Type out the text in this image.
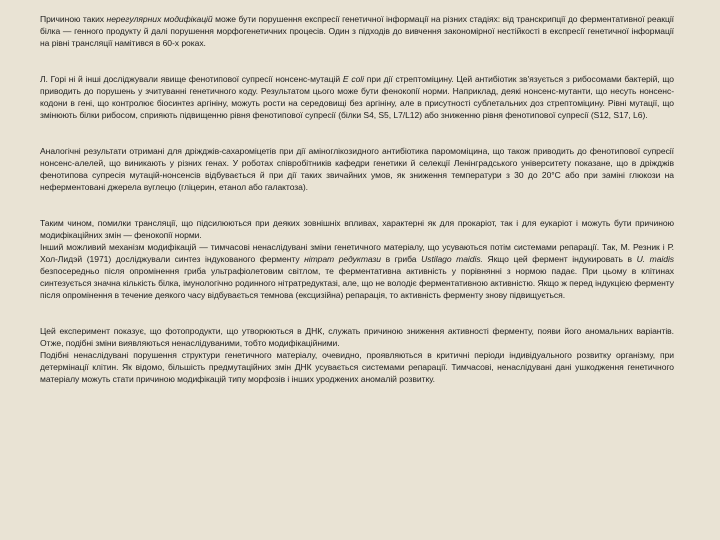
Причиною таких нерегулярних модифікацій може бути порушення експресії генетичної інформації на різних стадіях: від транскрипції до ферментативної реакції білка — генного продукту й далі порушення морфогенетичних процесів. Один з підходів до вивчення закономірної нестійкості в експресії генетичної інформації на рівні трансляції намітився в 60-х роках.

Л. Горі ні й інші досліджували явище фенотипової супресії нонсенс-мутацій Е coli при дії стрептоміцину. Цей антибіотик зв'язується з рибосомами бактерій, що приводить до порушень у зчитуванні генетичного коду. Результатом цього може бути фенокопії норми. Наприклад, деякі нонсенс-мутанти, що несуть нонсенс-кодони в гені, що контролює біосинтез аргініну, можуть рости на середовищі без аргініну, але в присутності сублетальних доз стрептоміцину. Рівні мутації, що змінюють білки рибосом, сприяють підвищенню рівня фенотипової супресії (білки S4, S5, L7/L12) або зниженню рівня фенотипової супресії (S12, S17, L6).

Аналогічні результати отримані для дріжджів-сахароміцетів при дії аміноглікозидного антибіотика паромоміцина, що також приводить до фенотипової супресії нонсенс-алелей, що виникають у різних генах. У роботах співробітників кафедри генетики й селекції Ленінградського університету показане, що в дріжджів фенотипова супресія мутацій-нонсенсів відбувається й при дії таких звичайних умов, як зниження температури з 30 до 20°С або при заміні глюкози на неферментовані джерела вуглецю (гліцерин, етанол або галактоза).

Таким чином, помилки трансляції, що підсилюються при деяких зовнішніх впливах, характерні як для прокаріот, так і для еукаріот і можуть бути причиною модифікаційних змін — фенокопії норми.

Інший можливий механізм модифікацій — тимчасові ненаслідувані зміни генетичного матеріалу, що усуваються потім системами репарації. Так, М. Резник і Р. Хол-Лидэй (1971) досліджували синтез індукованого ферменту нітрат редуктази в гриба Ustilago maidis. Якщо цей фермент індукировать в U. maidis безпосередньо після опромінення гриба ультрафіолетовим світлом, те ферментативна активність у порівнянні з нормою падає. При цьому в клітинах синтезується значна кількість білка, імунологічно родинного нітратредуктазі, але, що не володіє ферментативною активністю. Якщо ж перед індукцією ферменту після опромінення в течение деякого часу відбувається темнова (ексцизійна) репарація, то активність ферменту знову підвищується.

Цей експеримент показує, що фотопродукти, що утворюються в ДНК, служать причиною зниження активності ферменту, появи його аномальних варіантів. Отже, подібні зміни виявляються ненаслідуваними, тобто модифікаційними.

Подібні ненаслідувані порушення структури генетичного матеріалу, очевидно, проявляються в критичні періоди індивідуального розвитку організму, при детермінації клітин. Як відомо, більшість предмутаційних змін ДНК усувається системами репарації. Тимчасові, ненаслідувані дані ушкодження генетичного матеріалу можуть стати причиною модифікацій типу морфозів і інших уроджених аномалій розвитку.
